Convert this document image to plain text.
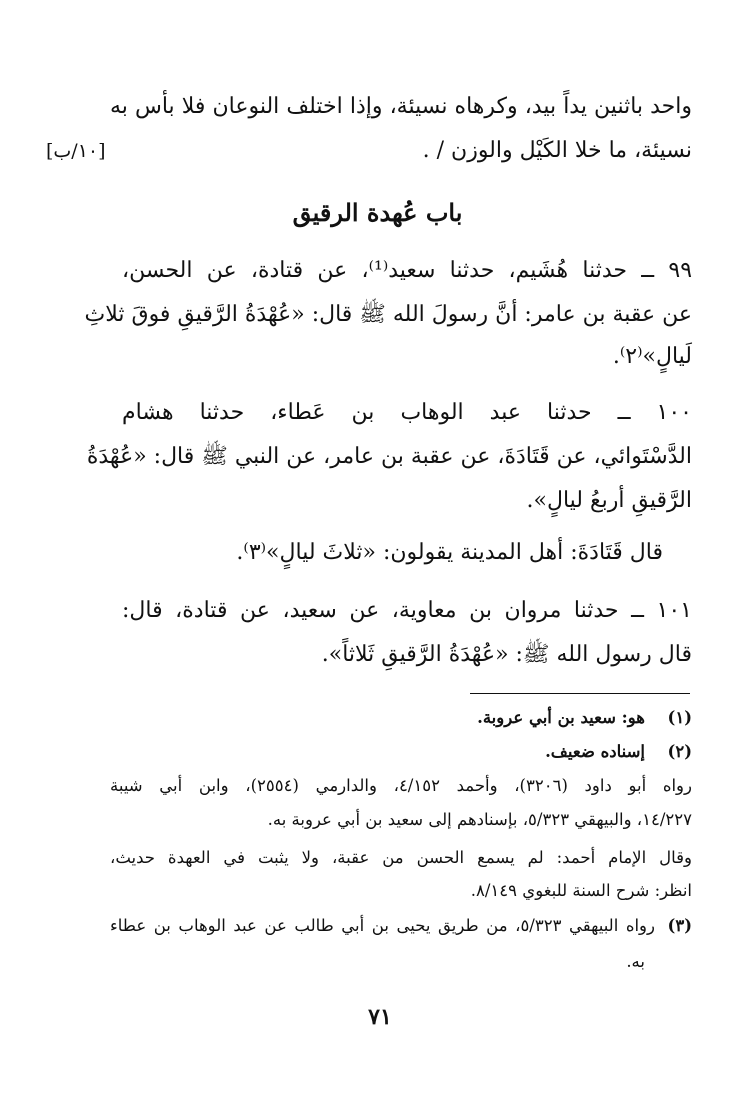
واحد باثنين يداً بيد، وكرهاه نسيئة، وإذا اختلف النوعان فلا بأس به
نسيئة، ما خلا الكَيْل والوزن / .
[١٠/ب]
باب عُهدة الرقيق
٩٩ ــ حدثنا هُشَيم، حدثنا سعيد⁽¹⁾، عن قتادة، عن الحسن،
عن عقبة بن عامر: أنَّ رسولَ الله ﷺ قال: «عُهْدَةُ الرَّقيقِ فوقَ ثلاثِ
لَيالٍ»⁽٢⁾.
١٠٠ ــ حدثنا عبد الوهاب بن عَطاء، حدثنا هشام
الدَّسْتَوائي، عن قَتَادَةَ، عن عقبة بن عامر، عن النبي ﷺ قال: «عُهْدَةُ
الرَّقيقِ أربعُ ليالٍ».
قال قَتَادَةَ: أهل المدينة يقولون: «ثلاثَ ليالٍ»⁽٣⁾.
١٠١ ــ حدثنا مروان بن معاوية، عن سعيد، عن قتادة، قال:
قال رسول الله ﷺ: «عُهْدَةُ الرَّقيقِ ثَلاثاً».
(١)
هو: سعيد بن أبي عروبة.
(٢)
إسناده ضعيف.
رواه أبو داود (٣٢٠٦)، وأحمد ٤/١٥٢، والدارمي (٢٥٥٤)، وابن أبي شيبة
١٤/٢٢٧، والبيهقي ٥/٣٢٣، بإسنادهم إلى سعيد بن أبي عروبة به.
وقال الإمام أحمد: لم يسمع الحسن من عقبة، ولا يثبت في العهدة حديث،
انظر: شرح السنة للبغوي ٨/١٤٩.
(٣)
رواه البيهقي ٥/٣٢٣، من طريق يحيى بن أبي طالب عن عبد الوهاب بن عطاء
به.
٧١
